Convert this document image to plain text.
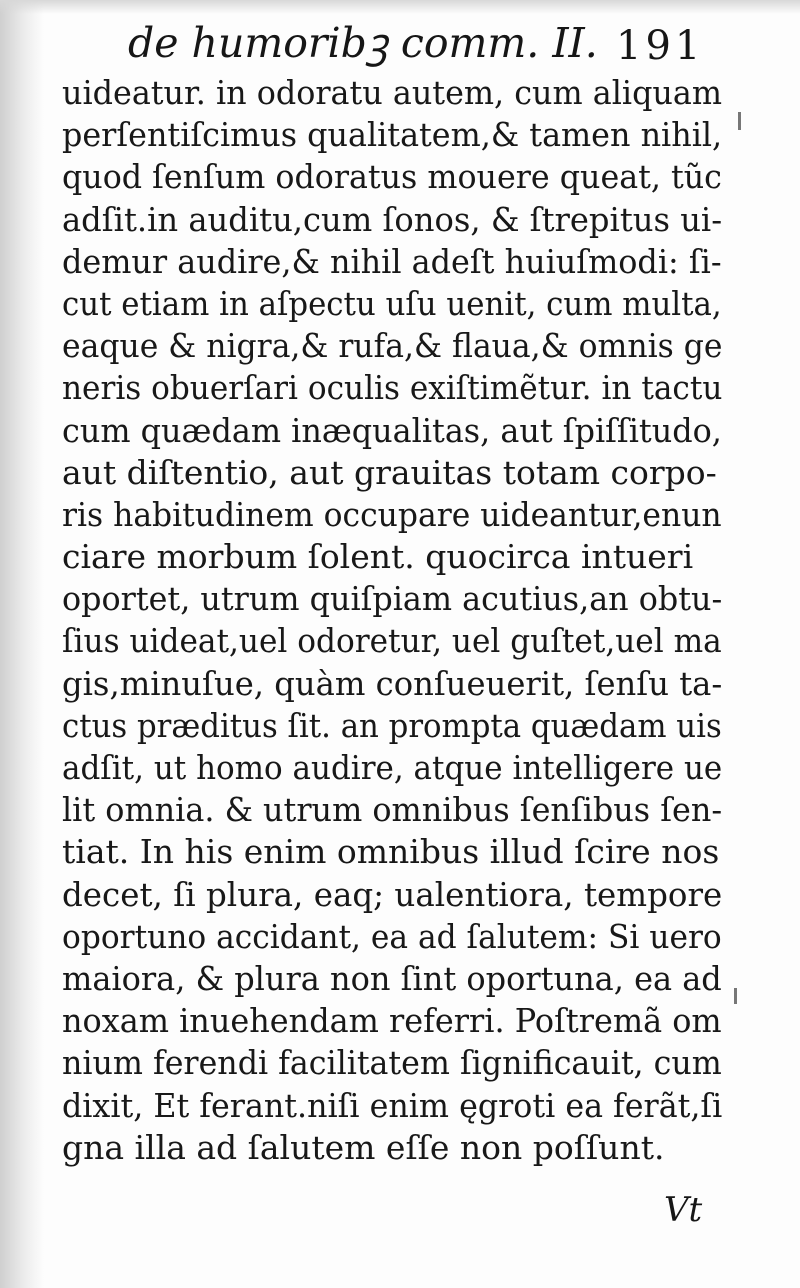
de humoribꝫ comm. II. 191
uideatur. in odoratu autem, cum aliquam
perſentiſcimus qualitatem,& tamen nihil,
quod ſenſum odoratus mouere queat, tũc
adſit.in auditu,cum ſonos, & ſtrepitus ui-
demur audire,& nihil adeſt huiuſmodi: ſi-
cut etiam in aſpectu uſu uenit, cum multa,
eaque & nigra,& rufa,& flaua,& omnis ge
neris obuerſari oculis exiſtimẽtur. in tactu
cum quædam inæqualitas, aut ſpiſſitudo,
aut diſtentio, aut grauitas totam corpo-
ris habitudinem occupare uideantur,enun
ciare morbum ſolent. quocirca intueri
oportet, utrum quiſpiam acutius,an obtu-
ſius uideat,uel odoretur, uel guſtet,uel ma
gis,minuſue, quàm conſueuerit, ſenſu ta-
ctus præditus ſit. an prompta quædam uis
adſit, ut homo audire, atque intelligere ue
lit omnia. & utrum omnibus ſenſibus ſen-
tiat. In his enim omnibus illud ſcire nos
decet, ſi plura, eaq; ualentiora, tempore
oportuno accidant, ea ad ſalutem: Si uero
maiora, & plura non ſint oportuna, ea ad
noxam inuehendam referri. Poſtremã om
nium ferendi facilitatem ſignificauit, cum
dixit, Et ferant.niſi enim ęgroti ea ferãt,ſi
gna illa ad ſalutem eſſe non poſſunt.
Vt
